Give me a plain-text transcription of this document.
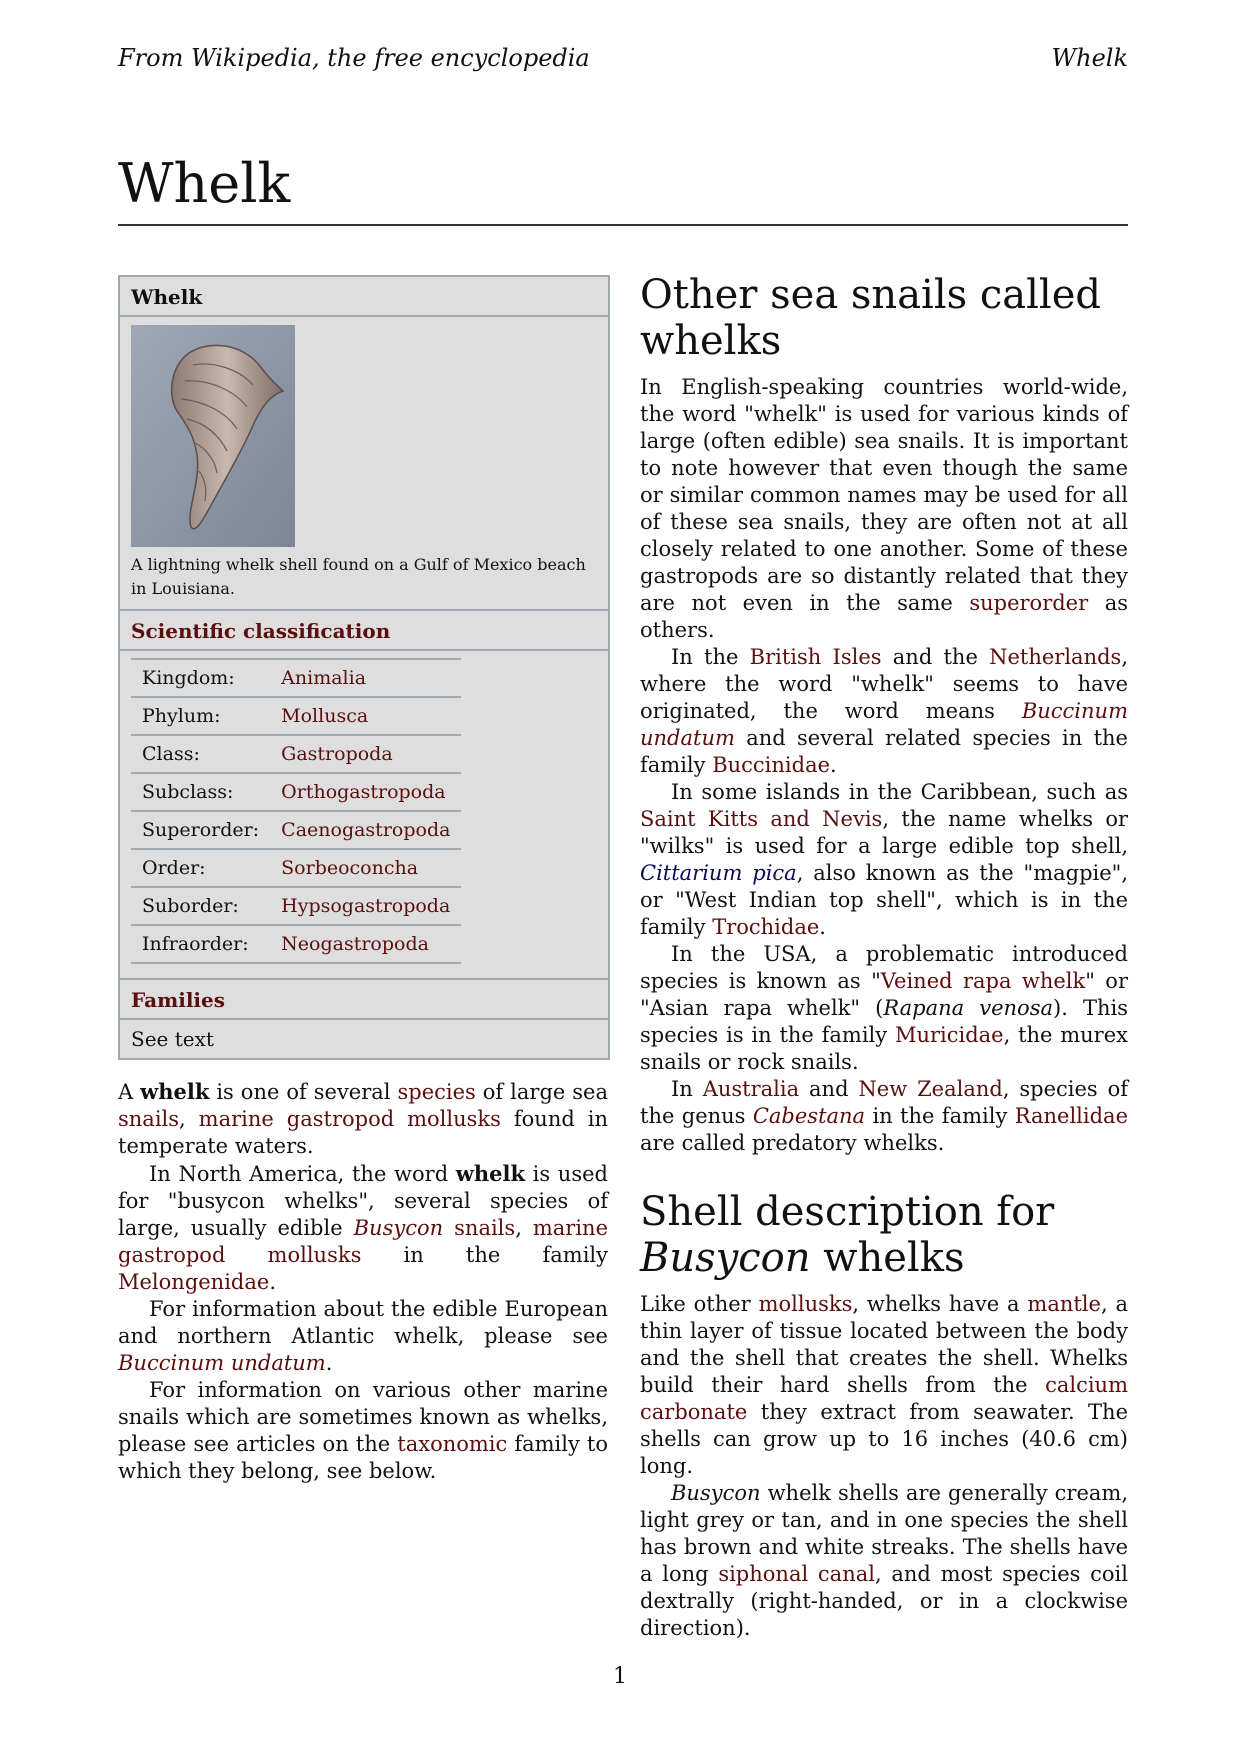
From Wikipedia, the free encyclopedia	Whelk
Whelk
Whelk
A lightning whelk shell found on a Gulf of Mexico beach in Louisiana.
Scientific classification
Kingdom:	Animalia
Phylum:	Mollusca
Class:	Gastropoda
Subclass:	Orthogastropoda
Superorder:	Caenogastropoda
Order:	Sorbeoconcha
Suborder:	Hypsogastropoda
Infraorder:	Neogastropoda
Families
See text

A whelk is one of several species of large sea snails, marine gastropod mollusks found in temperate waters.

In North America, the word whelk is used for "busycon whelks", several species of large, usually edible Busycon snails, marine gastropod mollusks in the family Melongenidae.

For information about the edible European and northern Atlantic whelk, please see Buccinum undatum.

For information on various other marine snails which are sometimes known as whelks, please see articles on the taxonomic family to which they belong, see below.

Other sea snails called whelks

In English-speaking countries world-wide, the word "whelk" is used for various kinds of large (often edible) sea snails. It is important to note however that even though the same or similar common names may be used for all of these sea snails, they are often not at all closely related to one another. Some of these gastropods are so distantly related that they are not even in the same superorder as others.

In the British Isles and the Netherlands, where the word "whelk" seems to have originated, the word means Buccinum undatum and several related species in the family Buccinidae.

In some islands in the Caribbean, such as Saint Kitts and Nevis, the name whelks or "wilks" is used for a large edible top shell, Cittarium pica, also known as the "magpie", or "West Indian top shell", which is in the family Trochidae.

In the USA, a problematic introduced species is known as "Veined rapa whelk" or "Asian rapa whelk" (Rapana venosa). This species is in the family Muricidae, the murex snails or rock snails.

In Australia and New Zealand, species of the genus Cabestana in the family Ranellidae are called predatory whelks.

Shell description for Busycon whelks

Like other mollusks, whelks have a mantle, a thin layer of tissue located between the body and the shell that creates the shell. Whelks build their hard shells from the calcium carbonate they extract from seawater. The shells can grow up to 16 inches (40.6 cm) long.

Busycon whelk shells are generally cream, light grey or tan, and in one species the shell has brown and white streaks. The shells have a long siphonal canal, and most species coil dextrally (right-handed, or in a clockwise direction).

1
